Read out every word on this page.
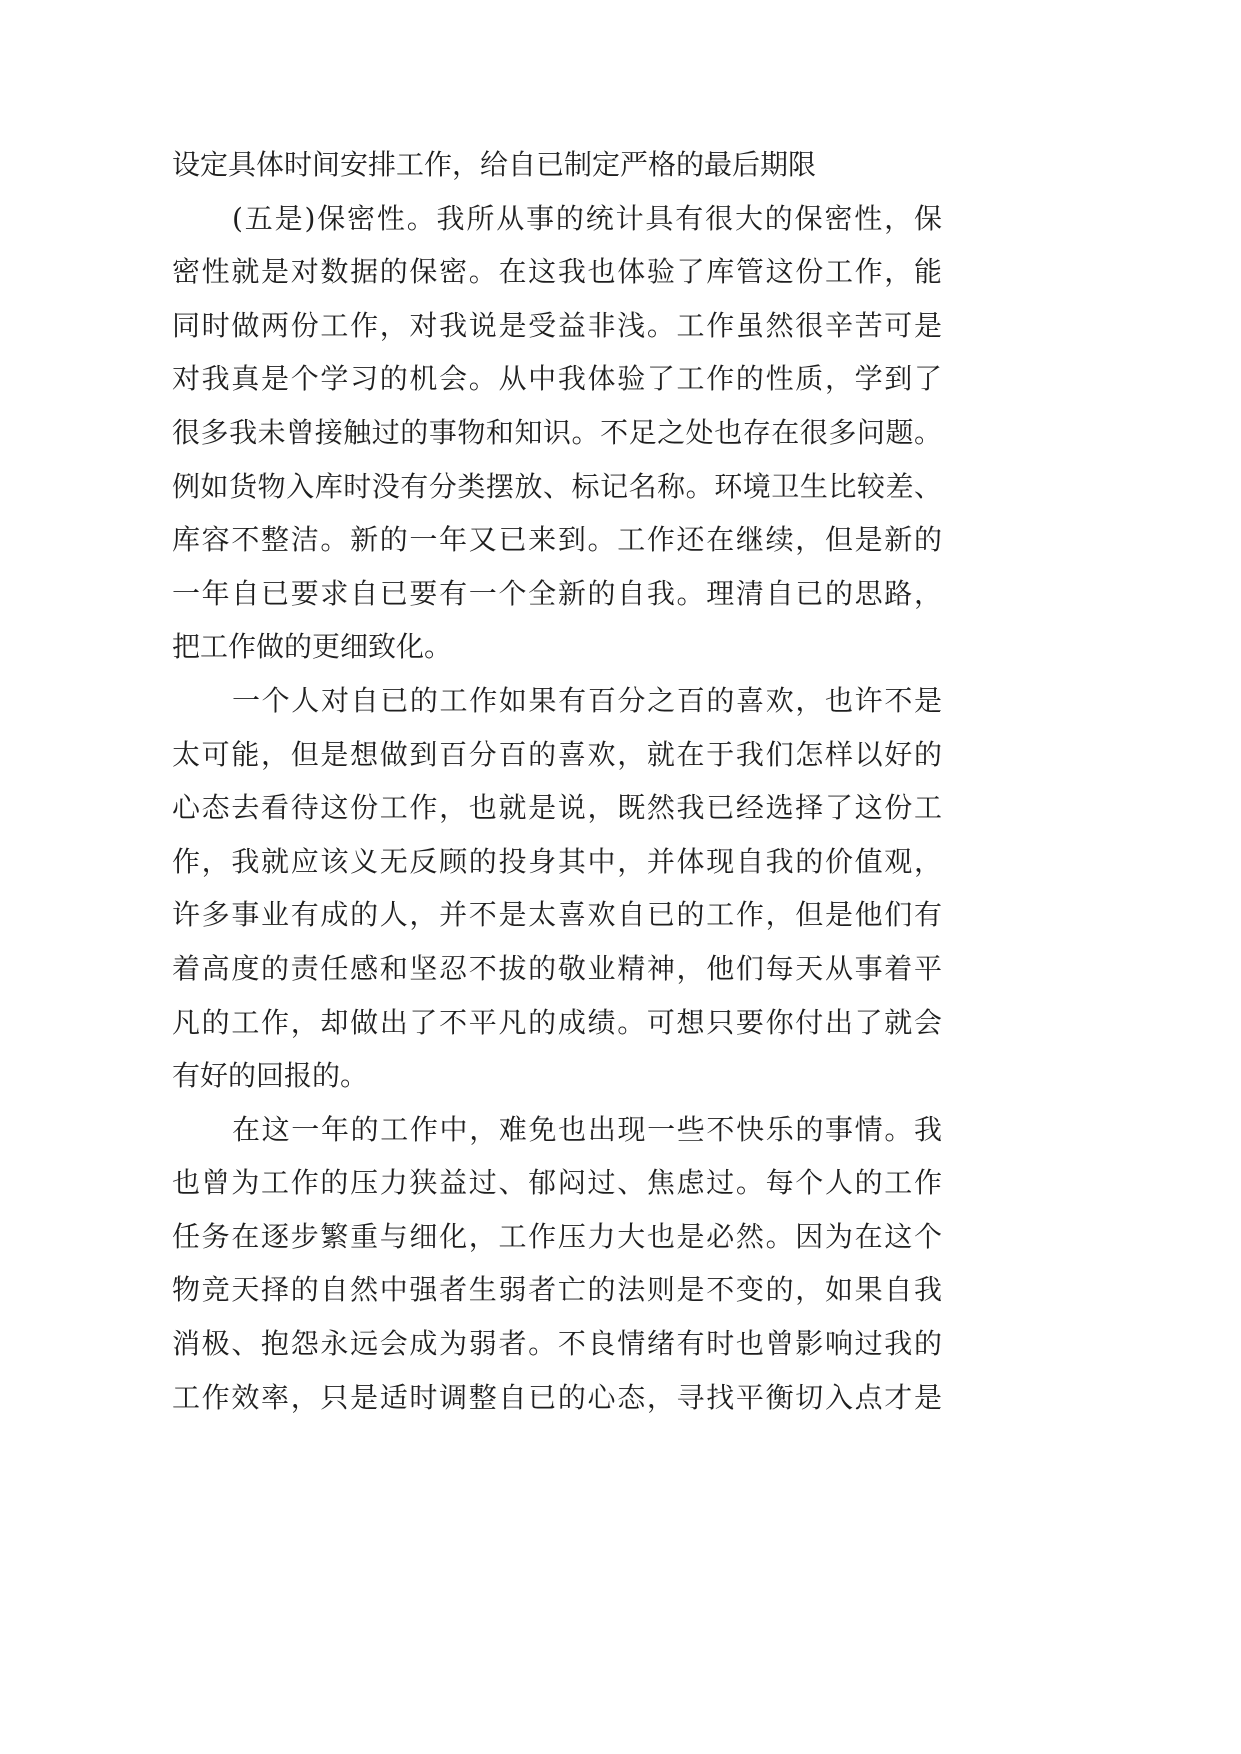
设定具体时间安排工作，给自已制定严格的最后期限
(五是)保密性。我所从事的统计具有很大的保密性，保
密性就是对数据的保密。在这我也体验了库管这份工作，能
同时做两份工作，对我说是受益非浅。工作虽然很辛苦可是
对我真是个学习的机会。从中我体验了工作的性质，学到了
很多我未曾接触过的事物和知识。不足之处也存在很多问题。
例如货物入库时没有分类摆放、标记名称。环境卫生比较差、
库容不整洁。新的一年又已来到。工作还在继续，但是新的
一年自已要求自已要有一个全新的自我。理清自已的思路，
把工作做的更细致化。
一个人对自已的工作如果有百分之百的喜欢，也许不是
太可能，但是想做到百分百的喜欢，就在于我们怎样以好的
心态去看待这份工作，也就是说，既然我已经选择了这份工
作，我就应该义无反顾的投身其中，并体现自我的价值观，
许多事业有成的人，并不是太喜欢自已的工作，但是他们有
着高度的责任感和坚忍不拔的敬业精神，他们每天从事着平
凡的工作，却做出了不平凡的成绩。可想只要你付出了就会
有好的回报的。
在这一年的工作中，难免也出现一些不快乐的事情。我
也曾为工作的压力狭益过、郁闷过、焦虑过。每个人的工作
任务在逐步繁重与细化，工作压力大也是必然。因为在这个
物竞天择的自然中强者生弱者亡的法则是不变的，如果自我
消极、抱怨永远会成为弱者。不良情绪有时也曾影响过我的
工作效率，只是适时调整自已的心态，寻找平衡切入点才是
